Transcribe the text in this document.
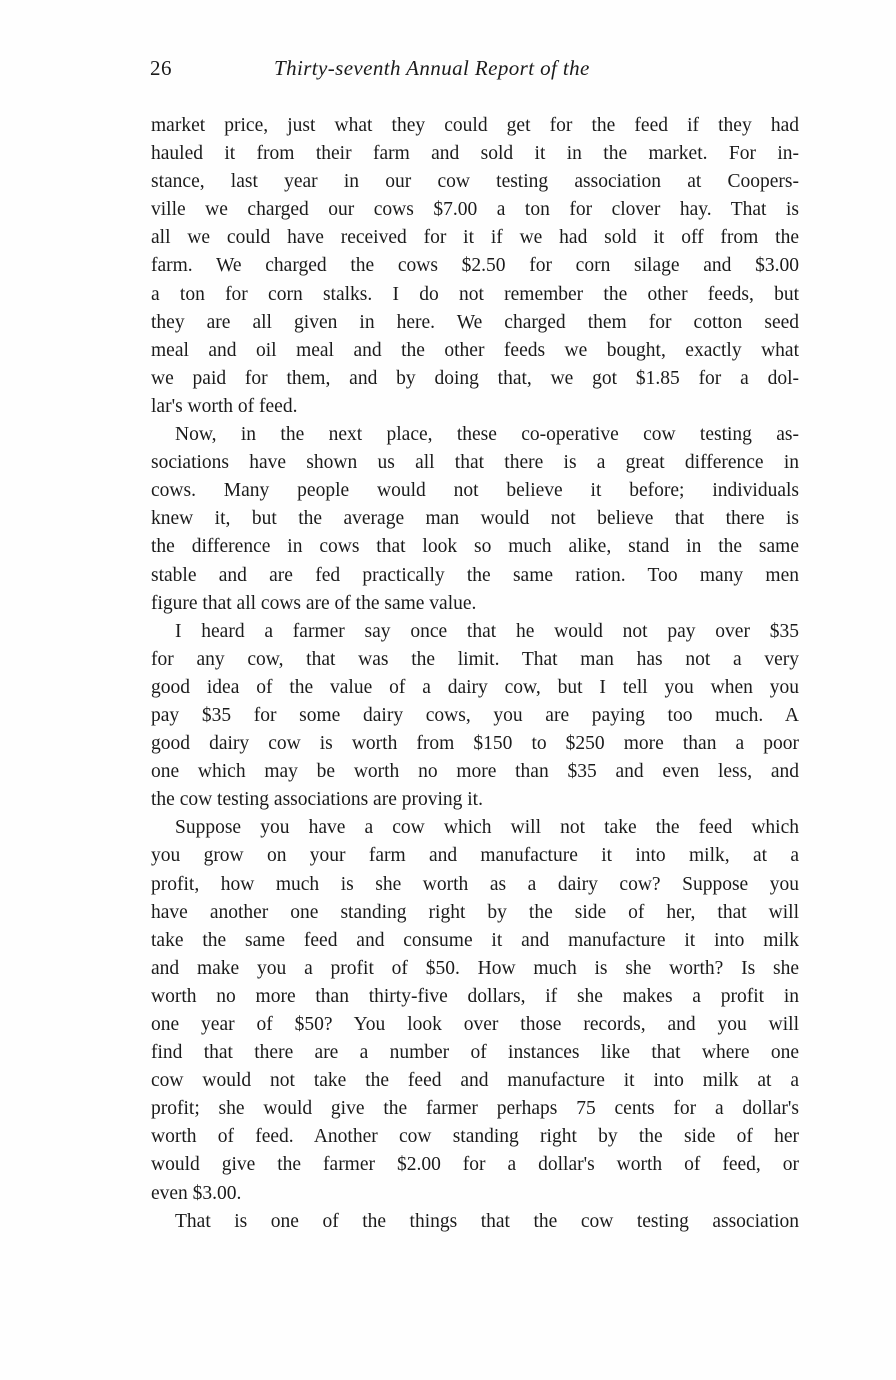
26	Thirty-seventh Annual Report of the
market price, just what they could get for the feed if they had
hauled it from their farm and sold it in the market. For in-
stance, last year in our cow testing association at Coopers-
ville we charged our cows $7.00 a ton for clover hay. That is
all we could have received for it if we had sold it off from the
farm. We charged the cows $2.50 for corn silage and $3.00
a ton for corn stalks. I do not remember the other feeds, but
they are all given in here. We charged them for cotton seed
meal and oil meal and the other feeds we bought, exactly what
we paid for them, and by doing that, we got $1.85 for a dol-
lar's worth of feed.
Now, in the next place, these co-operative cow testing as-
sociations have shown us all that there is a great difference in
cows. Many people would not believe it before; individuals
knew it, but the average man would not believe that there is
the difference in cows that look so much alike, stand in the same
stable and are fed practically the same ration. Too many men
figure that all cows are of the same value.
I heard a farmer say once that he would not pay over $35
for any cow, that was the limit. That man has not a very
good idea of the value of a dairy cow, but I tell you when you
pay $35 for some dairy cows, you are paying too much. A
good dairy cow is worth from $150 to $250 more than a poor
one which may be worth no more than $35 and even less, and
the cow testing associations are proving it.
Suppose you have a cow which will not take the feed which
you grow on your farm and manufacture it into milk, at a
profit, how much is she worth as a dairy cow? Suppose you
have another one standing right by the side of her, that will
take the same feed and consume it and manufacture it into milk
and make you a profit of $50. How much is she worth? Is she
worth no more than thirty-five dollars, if she makes a profit in
one year of $50? You look over those records, and you will
find that there are a number of instances like that where one
cow would not take the feed and manufacture it into milk at a
profit; she would give the farmer perhaps 75 cents for a dollar's
worth of feed. Another cow standing right by the side of her
would give the farmer $2.00 for a dollar's worth of feed, or
even $3.00.
That is one of the things that the cow testing association
